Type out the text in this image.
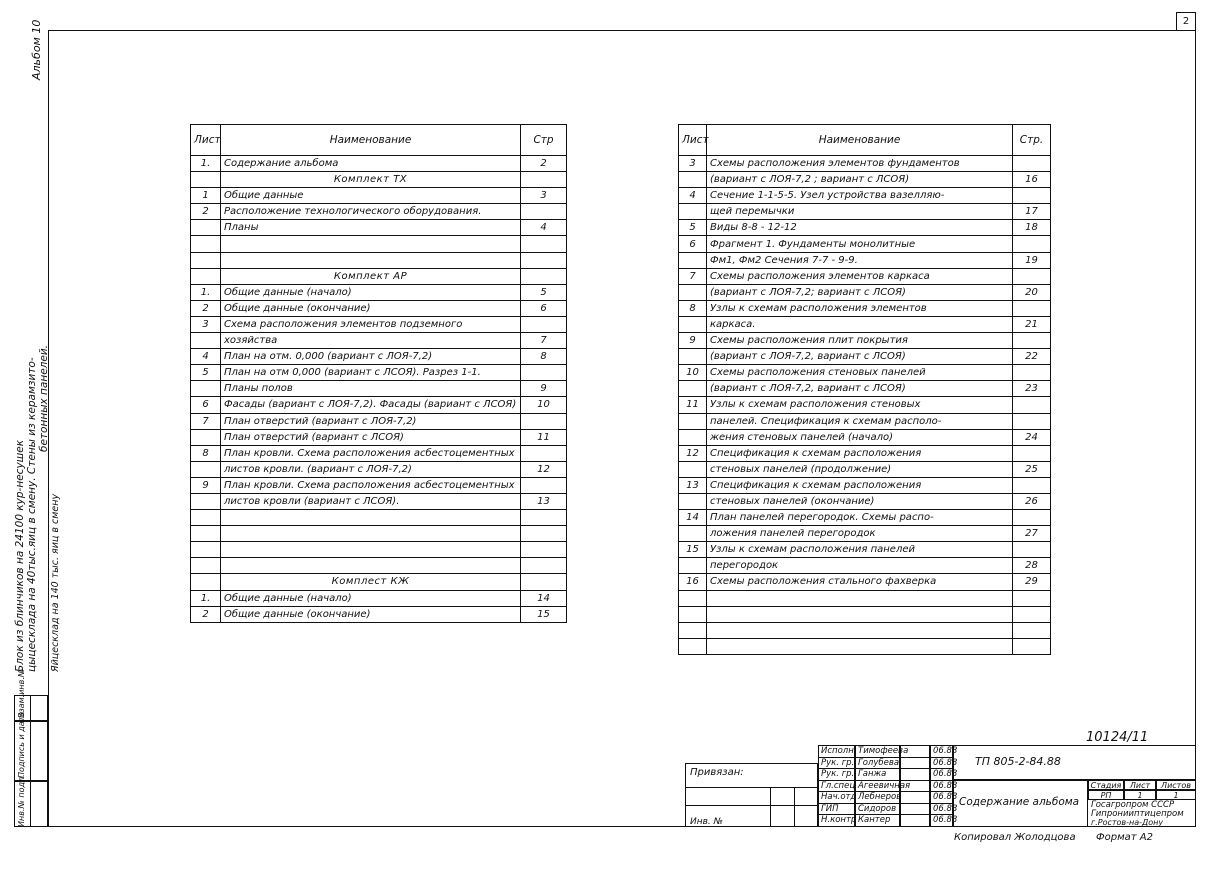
2
Альбом 10
Блок из блинчиков на 24100 кур-несушек цыцесклада на 40тыс.яиц в смену. Стены из керамзито- бетонных панелей.
Яйцесклад на 140 тыс. яиц в смену
Инв.№ подл.
Подпись и дата
Взам.инв.№
Лист	Наименование	Стр
1.	Содержание альбома	2
	Комплект ТХ	
1	Общие данные	3
2	Расположение технологического оборудования.	
	Планы	4

	Комплект АР	
1.	Общие данные (начало)	5
2	Общие данные (окончание)	6
3	Схема расположения элементов подземного	
	хозяйства	7
4	План на отм. 0,000 (вариант с ЛОЯ-7,2)	8
5	План на отм 0,000 (вариант с ЛСОЯ). Разрез 1-1.	
	Планы полов	9
6	Фасады (вариант с ЛОЯ-7,2). Фасады (вариант с ЛСОЯ)	10
7	План отверстий (вариант с ЛОЯ-7,2)	
	План отверстий (вариант с ЛСОЯ)	11
8	План кровли. Схема расположения асбестоцементных	
	листов кровли. (вариант с ЛОЯ-7,2)	12
9	План кровли. Схема расположения асбестоцементных	
	листов кровли (вариант с ЛСОЯ).	13

	Комплест КЖ	
1.	Общие данные (начало)	14
2	Общие данные (окончание)	15
Лист	Наименование	Стр.
3	Схемы расположения элементов фундаментов	
	(вариант с ЛОЯ-7,2 ; вариант с ЛСОЯ)	16
4	Сечение 1-1-5-5. Узел устройства вазелляю-	
	щей перемычки	17
5	Виды 8-8 - 12-12	18
6	Фрагмент 1. Фундаменты монолитные	
	Фм1, Фм2 Сечения 7-7 - 9-9.	19
7	Схемы расположения элементов каркаса	
	(вариант с ЛОЯ-7,2; вариант с ЛСОЯ)	20
8	Узлы к схемам расположения элементов	
	каркаса.	21
9	Схемы расположения плит покрытия	
	(вариант с ЛОЯ-7,2, вариант с ЛСОЯ)	22
10	Схемы расположения стеновых панелей	
	(вариант с ЛОЯ-7,2, вариант с ЛСОЯ)	23
11	Узлы к схемам расположения стеновых	
	панелей. Спецификация к схемам располо-	
	жения стеновых панелей (начало)	24
12	Спецификация к схемам расположения	
	стеновых панелей (продолжение)	25
13	Спецификация к схемам расположения	
	стеновых панелей (окончание)	26
14	План панелей перегородок. Схемы распо-	
	ложения панелей перегородок	27
15	Узлы к схемам расположения панелей	
	перегородок	28
16	Схемы расположения стального фахверка	29

10124/11
Привязан:
Инв. №
Исполн. Тимофеева	06.88
Рук. гр. Голубева	06.88
Рук. гр. Ганжа	06.88
Гл.спец Агеевичная	06.88
Нач.отд Лебнеров	06.88
ГИП	Сидоров	06.88
Н.контр Кантер	06.88
ТП 805-2-84.88
Содержание альбома
Стадия	Лист	Листов
РП	1	1
Госагропром СССР
Гипронииптицепром
г.Ростов-на-Дону
Копировал Жолодцова Формат А2
